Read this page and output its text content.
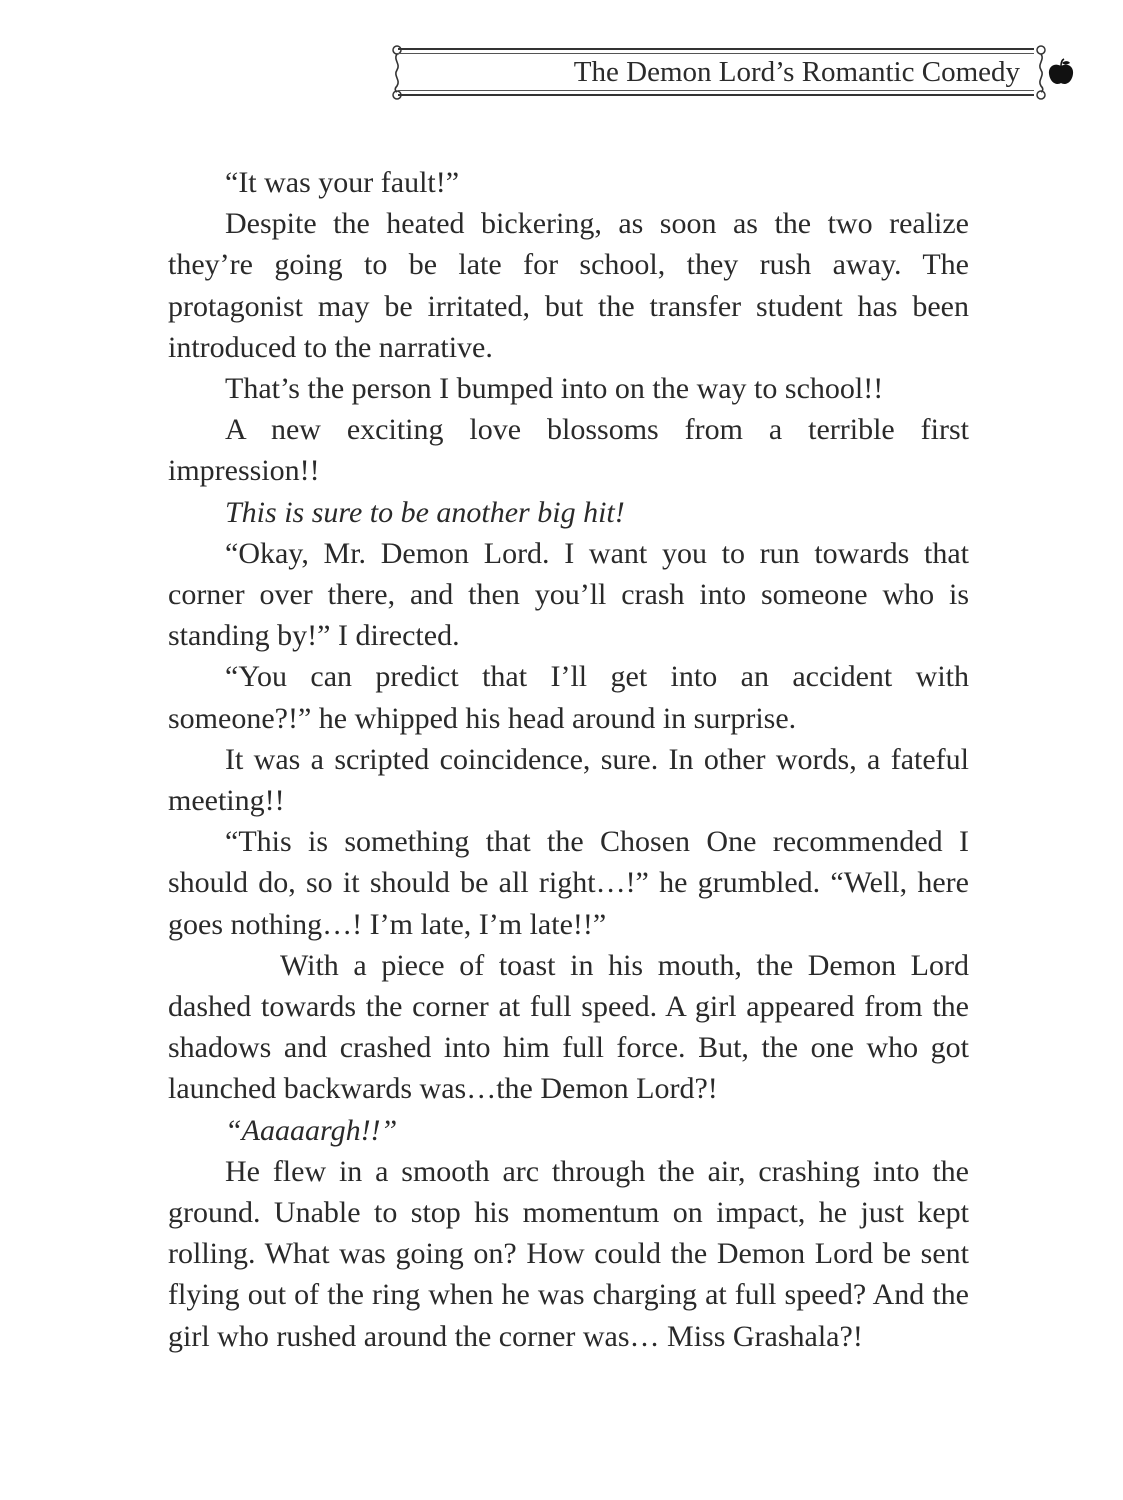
The Demon Lord’s Romantic Comedy

“It was your fault!”

Despite the heated bickering, as soon as the two realize they’re going to be late for school, they rush away. The protagonist may be irritated, but the transfer student has been introduced to the narrative.

That’s the person I bumped into on the way to school!!

A new exciting love blossoms from a terrible first impression!!

This is sure to be another big hit!

“Okay, Mr. Demon Lord. I want you to run towards that corner over there, and then you’ll crash into someone who is standing by!” I directed.

“You can predict that I’ll get into an accident with someone?!” he whipped his head around in surprise.

It was a scripted coincidence, sure. In other words, a fateful meeting!!

“This is something that the Chosen One recommended I should do, so it should be all right…!” he grumbled. “Well, here goes nothing…! I’m late, I’m late!!”

With a piece of toast in his mouth, the Demon Lord dashed towards the corner at full speed. A girl appeared from the shadows and crashed into him full force. But, the one who got launched backwards was…the Demon Lord?!

“Aaaaargh!!”

He flew in a smooth arc through the air, crashing into the ground. Unable to stop his momentum on impact, he just kept rolling. What was going on? How could the Demon Lord be sent flying out of the ring when he was charging at full speed? And the girl who rushed around the corner was… Miss Grashala?!
